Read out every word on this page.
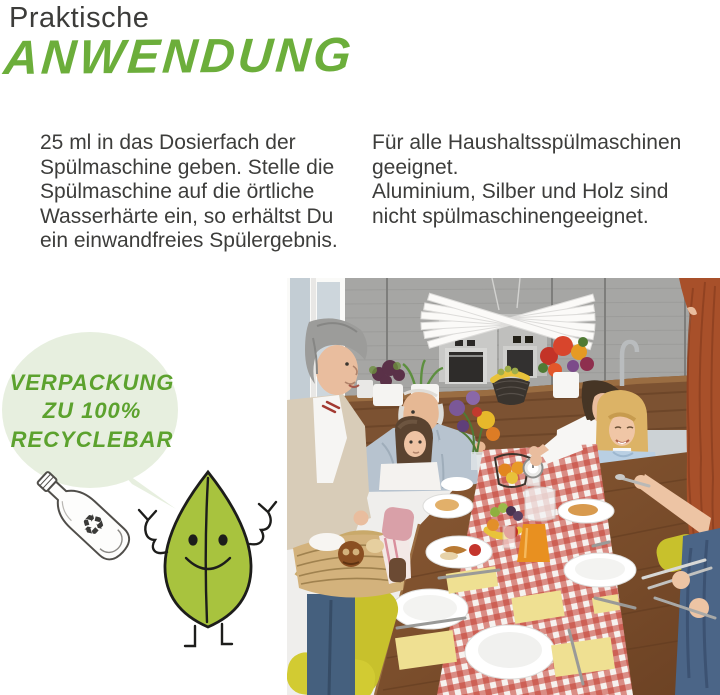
Praktische
ANWENDUNG
25 ml in das Dosierfach der
Spülmaschine geben. Stelle die
Spülmaschine auf die örtliche
Wasserhärte ein, so erhältst Du
ein einwandfreies Spülergebnis.
Für alle Haushaltsspülmaschinen
geeignet.
Aluminium, Silber und Holz sind
nicht spülmaschinengeeignet.
VERPACKUNG
ZU 100%
RECYCLEBAR
♻
